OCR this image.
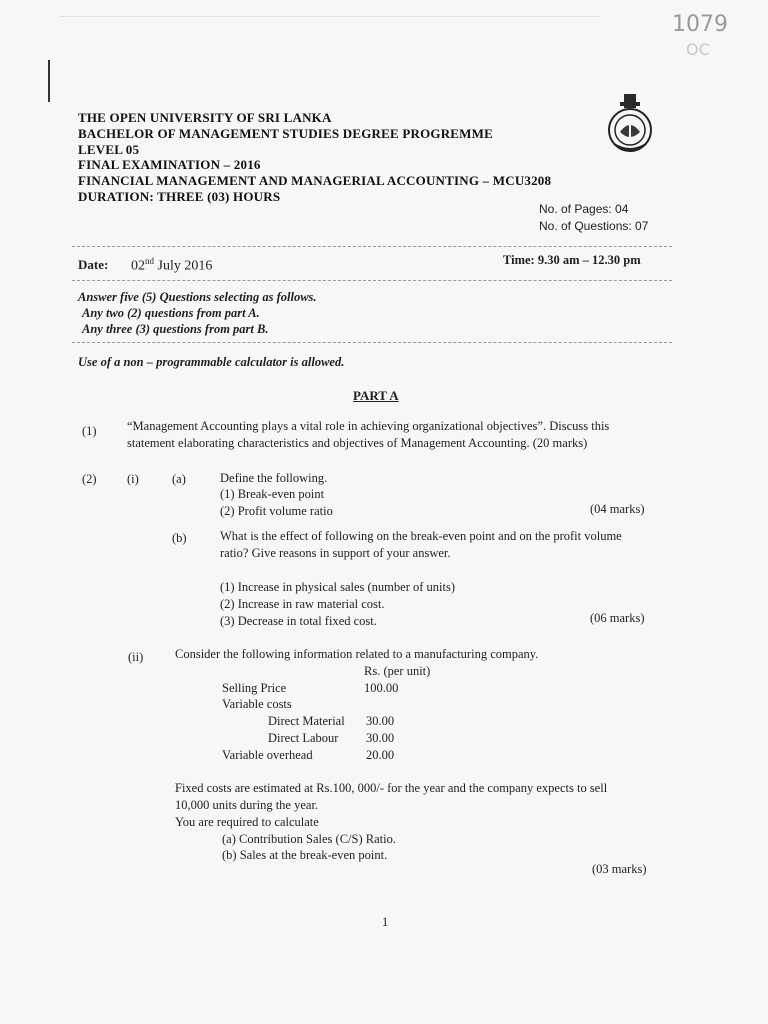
1079
OC
THE OPEN UNIVERSITY OF SRI LANKA
BACHELOR OF MANAGEMENT STUDIES DEGREE PROGREMME
LEVEL 05
FINAL EXAMINATION – 2016
FINANCIAL MANAGEMENT AND MANAGERIAL ACCOUNTING – MCU3208
DURATION: THREE (03) HOURS
No. of Pages: 04
No. of Questions: 07
Date: 02nd July 2016	Time: 9.30 am – 12.30 pm
Answer five (5) Questions selecting as follows.
Any two (2) questions from part A.
Any three (3) questions from part B.
Use of a non – programmable calculator is allowed.
PART A
(1) “Management Accounting plays a vital role in achieving organizational objectives”. Discuss this
statement elaborating characteristics and objectives of Management Accounting. (20 marks)
(2) (i)	(a)	Define the following.
(1) Break-even point
(2) Profit volume ratio	(04 marks)
(b)	What is the effect of following on the break-even point and on the profit volume
ratio? Give reasons in support of your answer.
(1) Increase in physical sales (number of units)
(2) Increase in raw material cost.
(3) Decrease in total fixed cost.	(06 marks)
(ii)	Consider the following information related to a manufacturing company.
Rs. (per unit)
Selling Price	100.00
Variable costs
Direct Material 30.00
Direct Labour 30.00
Variable overhead	20.00
Fixed costs are estimated at Rs.100, 000/- for the year and the company expects to sell
10,000 units during the year.
You are required to calculate
(a) Contribution Sales (C/S) Ratio.
(b) Sales at the break-even point.
(03 marks)
1
